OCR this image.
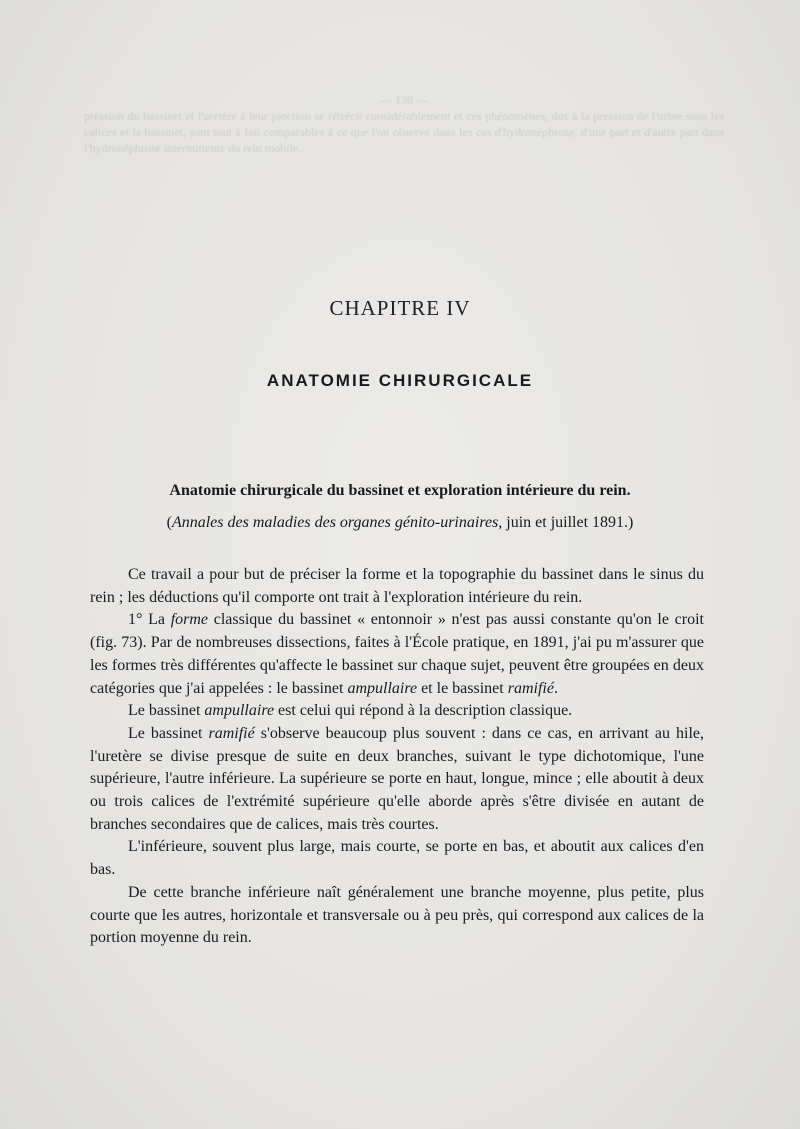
— 138 —
pression du bassinet et l'uretère à leur jonction se rétrécit considérablement et ces phénomènes, dus à la pression de l'urine sous les calices et la bassinet, sont tout à fait comparables à ce que l'on observe dans les cas d'hydronéphrose, d'une part et d'autre part dans l'hydronéphrose intermittente du rein mobile.
CHAPITRE IV
ANATOMIE CHIRURGICALE
Anatomie chirurgicale du bassinet et exploration intérieure du rein.
(Annales des maladies des organes génito-urinaires, juin et juillet 1891.)

Ce travail a pour but de préciser la forme et la topographie du bassinet dans le sinus du rein ; les déductions qu'il comporte ont trait à l'exploration intérieure du rein.

1° La forme classique du bassinet « entonnoir » n'est pas aussi constante qu'on le croit (fig. 73). Par de nombreuses dissections, faites à l'École pratique, en 1891, j'ai pu m'assurer que les formes très différentes qu'affecte le bassinet sur chaque sujet, peuvent être groupées en deux catégories que j'ai appelées : le bassinet ampullaire et le bassinet ramifié.

Le bassinet ampullaire est celui qui répond à la description classique.

Le bassinet ramifié s'observe beaucoup plus souvent : dans ce cas, en arrivant au hile, l'uretère se divise presque de suite en deux branches, suivant le type dichotomique, l'une supérieure, l'autre inférieure. La supérieure se porte en haut, longue, mince ; elle aboutit à deux ou trois calices de l'extrémité supérieure qu'elle aborde après s'être divisée en autant de branches secondaires que de calices, mais très courtes.

L'inférieure, souvent plus large, mais courte, se porte en bas, et aboutit aux calices d'en bas.

De cette branche inférieure naît généralement une branche moyenne, plus petite, plus courte que les autres, horizontale et transversale ou à peu près, qui correspond aux calices de la portion moyenne du rein.
